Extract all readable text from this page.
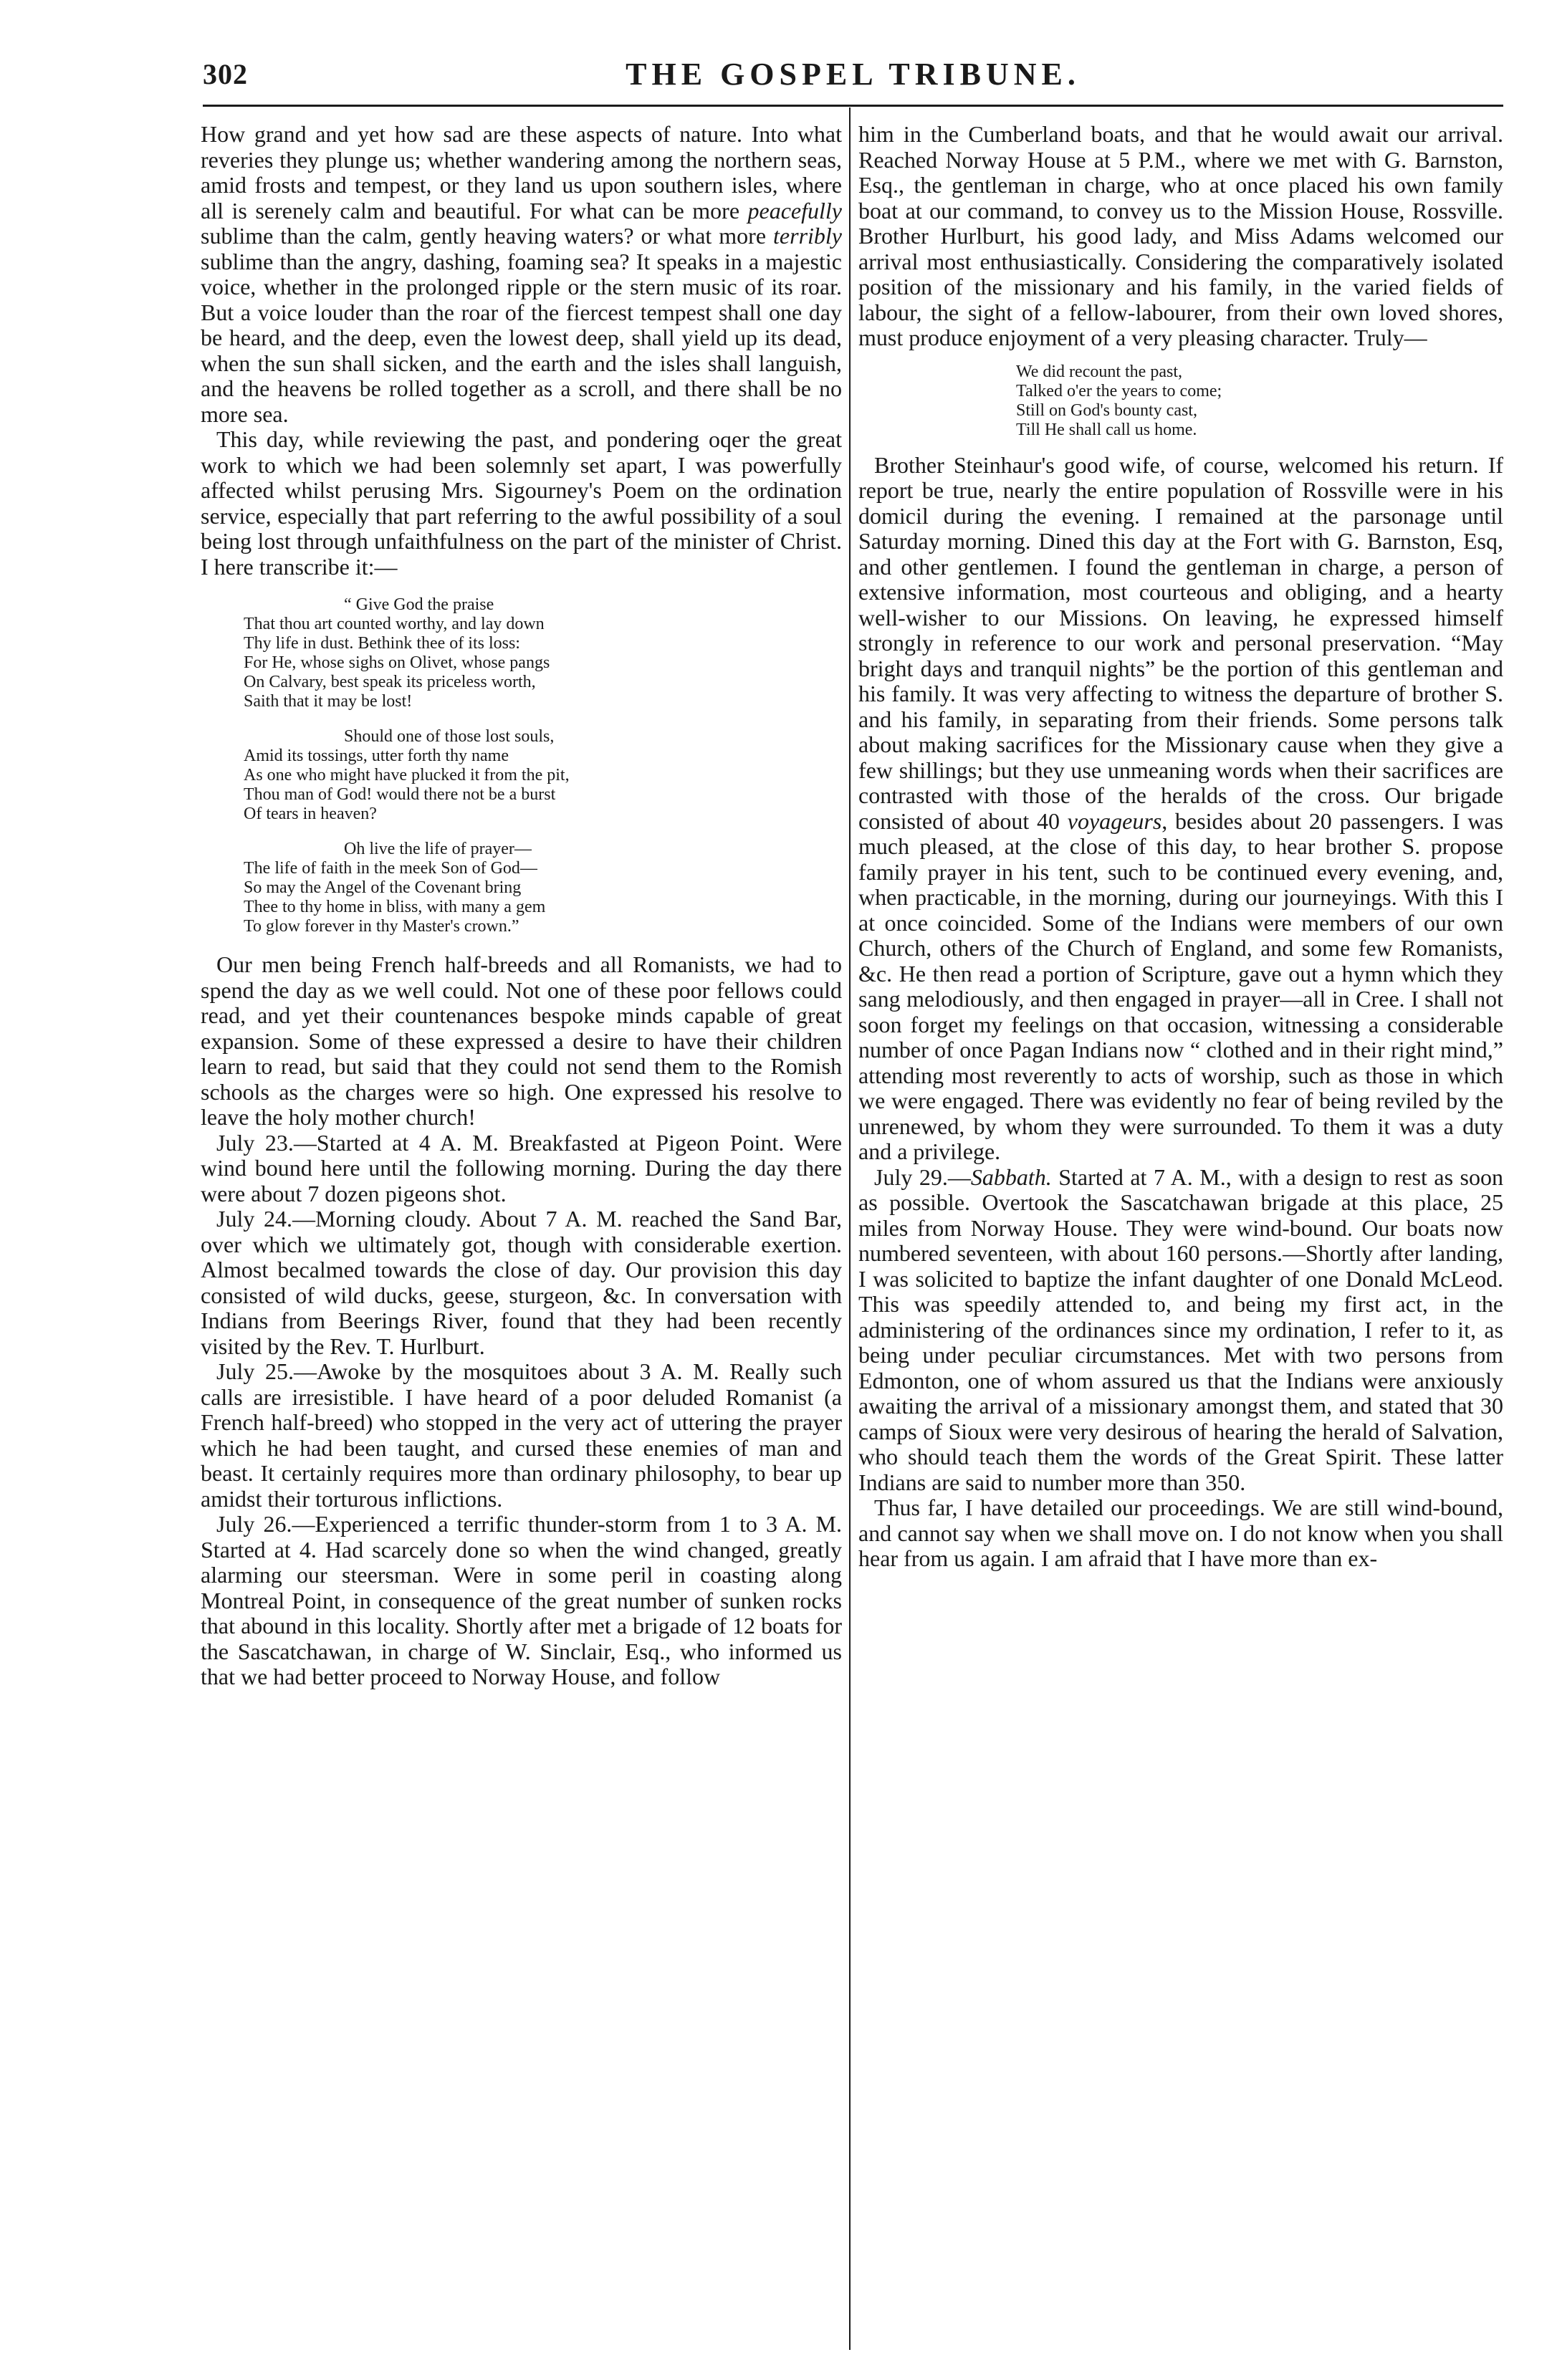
302	THE GOSPEL TRIBUNE.

How grand and yet how sad are these aspects of nature. Into what reveries they plunge us; whether wandering among the northern seas, amid frosts and tempest, or they land us upon southern isles, where all is serenely calm and beautiful. For what can be more peacefully sublime than the calm, gently heaving waters? or what more terribly sublime than the angry, dashing, foaming sea? It speaks in a majestic voice, whether in the prolonged ripple or the stern music of its roar. But a voice louder than the roar of the fiercest tempest shall one day be heard, and the deep, even the lowest deep, shall yield up its dead, when the sun shall sicken, and the earth and the isles shall languish, and the heavens be rolled together as a scroll, and there shall be no more sea.

This day, while reviewing the past, and pondering oqer the great work to which we had been solemnly set apart, I was powerfully affected whilst perusing Mrs. Sigourney's Poem on the ordination service, especially that part referring to the awful possibility of a soul being lost through unfaithfulness on the part of the minister of Christ. I here transcribe it:—

“ Give God the praise
That thou art counted worthy, and lay down
Thy life in dust. Bethink thee of its loss:
For He, whose sighs on Olivet, whose pangs
On Calvary, best speak its priceless worth,
Saith that it may be lost!
Should one of those lost souls,
Amid its tossings, utter forth thy name
As one who might have plucked it from the pit,
Thou man of God! would there not be a burst
Of tears in heaven?
Oh live the life of prayer—
The life of faith in the meek Son of God—
So may the Angel of the Covenant bring
Thee to thy home in bliss, with many a gem
To glow forever in thy Master's crown.”

Our men being French half-breeds and all Romanists, we had to spend the day as we well could. Not one of these poor fellows could read, and yet their countenances bespoke minds capable of great expansion. Some of these expressed a desire to have their children learn to read, but said that they could not send them to the Romish schools as the charges were so high. One expressed his resolve to leave the holy mother church!

July 23.—Started at 4 A. M. Breakfasted at Pigeon Point. Were wind bound here until the following morning. During the day there were about 7 dozen pigeons shot.

July 24.—Morning cloudy. About 7 A. M. reached the Sand Bar, over which we ultimately got, though with considerable exertion. Almost becalmed towards the close of day. Our provision this day consisted of wild ducks, geese, sturgeon, &c. In conversation with Indians from Beerings River, found that they had been recently visited by the Rev. T. Hurlburt.

July 25.—Awoke by the mosquitoes about 3 A. M. Really such calls are irresistible. I have heard of a poor deluded Romanist (a French half-breed) who stopped in the very act of uttering the prayer which he had been taught, and cursed these enemies of man and beast. It certainly requires more than ordinary philosophy, to bear up amidst their torturous inflictions.

July 26.—Experienced a terrific thunder-storm from 1 to 3 A. M. Started at 4. Had scarcely done so when the wind changed, greatly alarming our steersman. Were in some peril in coasting along Montreal Point, in consequence of the great number of sunken rocks that abound in this locality. Shortly after met a brigade of 12 boats for the Sascatchawan, in charge of W. Sinclair, Esq., who informed us that we had better proceed to Norway House, and follow

him in the Cumberland boats, and that he would await our arrival. Reached Norway House at 5 P.M., where we met with G. Barnston, Esq., the gentleman in charge, who at once placed his own family boat at our command, to convey us to the Mission House, Rossville. Brother Hurlburt, his good lady, and Miss Adams welcomed our arrival most enthusiastically. Considering the comparatively isolated position of the missionary and his family, in the varied fields of labour, the sight of a fellow-labourer, from their own loved shores, must produce enjoyment of a very pleasing character. Truly—

We did recount the past,
Talked o'er the years to come;
Still on God's bounty cast,
Till He shall call us home.

Brother Steinhaur's good wife, of course, welcomed his return. If report be true, nearly the entire population of Rossville were in his domicil during the evening. I remained at the parsonage until Saturday morning. Dined this day at the Fort with G. Barnston, Esq, and other gentlemen. I found the gentleman in charge, a person of extensive information, most courteous and obliging, and a hearty well-wisher to our Missions. On leaving, he expressed himself strongly in reference to our work and personal preservation. “May bright days and tranquil nights” be the portion of this gentleman and his family. It was very affecting to witness the departure of brother S. and his family, in separating from their friends. Some persons talk about making sacrifices for the Missionary cause when they give a few shillings; but they use unmeaning words when their sacrifices are contrasted with those of the heralds of the cross. Our brigade consisted of about 40 voyageurs, besides about 20 passengers. I was much pleased, at the close of this day, to hear brother S. propose family prayer in his tent, such to be continued every evening, and, when practicable, in the morning, during our journeyings. With this I at once coincided. Some of the Indians were members of our own Church, others of the Church of England, and some few Romanists, &c. He then read a portion of Scripture, gave out a hymn which they sang melodiously, and then engaged in prayer—all in Cree. I shall not soon forget my feelings on that occasion, witnessing a considerable number of once Pagan Indians now “ clothed and in their right mind,” attending most reverently to acts of worship, such as those in which we were engaged. There was evidently no fear of being reviled by the unrenewed, by whom they were surrounded. To them it was a duty and a privilege.

July 29.—Sabbath. Started at 7 A. M., with a design to rest as soon as possible. Overtook the Sascatchawan brigade at this place, 25 miles from Norway House. They were wind-bound. Our boats now numbered seventeen, with about 160 persons.—Shortly after landing, I was solicited to baptize the infant daughter of one Donald McLeod. This was speedily attended to, and being my first act, in the administering of the ordinances since my ordination, I refer to it, as being under peculiar circumstances. Met with two persons from Edmonton, one of whom assured us that the Indians were anxiously awaiting the arrival of a missionary amongst them, and stated that 30 camps of Sioux were very desirous of hearing the herald of Salvation, who should teach them the words of the Great Spirit. These latter Indians are said to number more than 350.

Thus far, I have detailed our proceedings. We are still wind-bound, and cannot say when we shall move on. I do not know when you shall hear from us again. I am afraid that I have more than ex-
